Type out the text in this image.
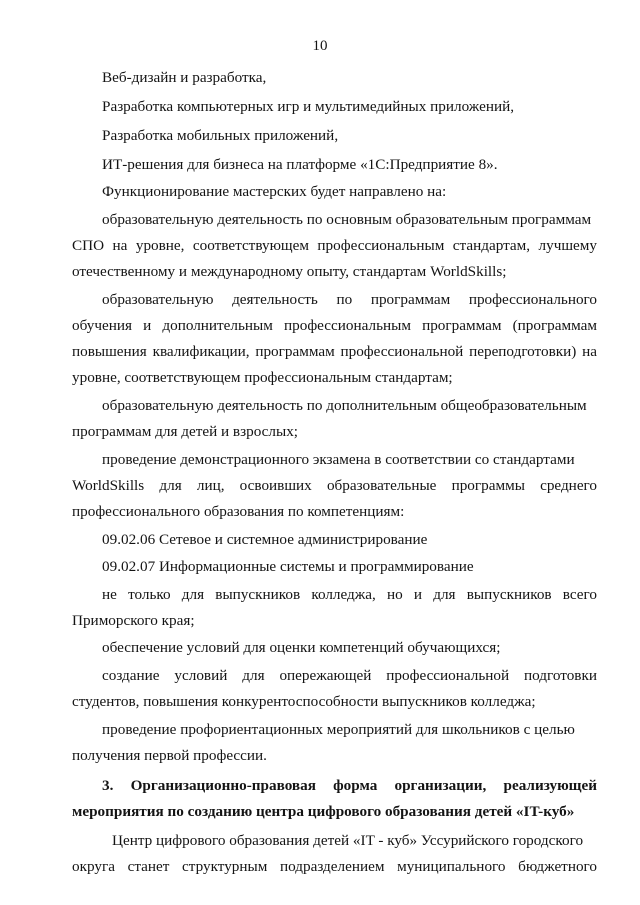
10
Веб-дизайн и разработка,
Разработка компьютерных игр и мультимедийных приложений,
Разработка мобильных приложений,
ИТ-решения для бизнеса на платформе «1С:Предприятие 8».
Функционирование мастерских будет направлено на:
образовательную деятельность по основным образовательным программам
СПО на уровне, соответствующем профессиональным стандартам, лучшему
отечественному и международному опыту, стандартам WorldSkills;
образовательную деятельность по программам профессионального
обучения и дополнительным профессиональным программам (программам
повышения квалификации, программам профессиональной переподготовки) на
уровне, соответствующем профессиональным стандартам;
образовательную деятельность по дополнительным общеобразовательным
программам для детей и взрослых;
проведение демонстрационного экзамена в соответствии со стандартами
WorldSkills для лиц, освоивших образовательные программы среднего
профессионального образования по компетенциям:
09.02.06 Сетевое и системное администрирование
09.02.07 Информационные системы и программирование
не только для выпускников колледжа, но и для выпускников всего
Приморского края;
обеспечение условий для оценки компетенций обучающихся;
создание условий для опережающей профессиональной подготовки
студентов, повышения конкурентоспособности выпускников колледжа;
проведение профориентационных мероприятий для школьников с целью
получения первой профессии.
3. Организационно-правовая форма организации, реализующей
мероприятия по созданию центра цифрового образования детей «IT-куб»
Центр цифрового образования детей «IT - куб» Уссурийского городского
округа станет структурным подразделением муниципального бюджетного
